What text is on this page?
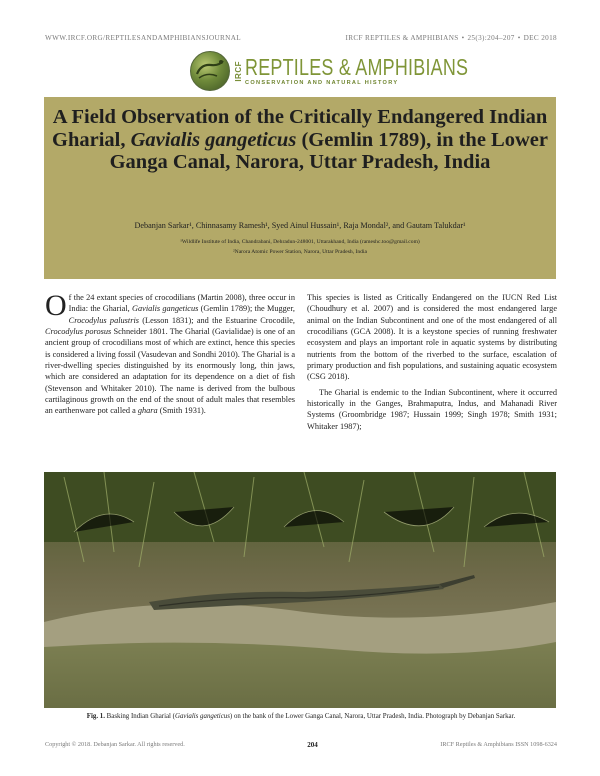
WWW.IRCF.ORG/REPTILESANDAMPHIBIANSJOURNAL	IRCF REPTILES & AMPHIBIANS • 25(3):204–207 • DEC 2018
IRCF REPTILES & AMPHIBIANS
CONSERVATION AND NATURAL HISTORY
A Field Observation of the Critically Endangered Indian Gharial, Gavialis gangeticus (Gemlin 1789), in the Lower Ganga Canal, Narora, Uttar Pradesh, India
Debanjan Sarkar¹, Chinnasamy Ramesh¹, Syed Ainul Hussain¹, Raja Mondal², and Gautam Talukdar¹
¹Wildlife Institute of India, Chandrabani, Dehradun-248001, Uttarakhand, India (rameshc.too@gmail.com)
²Narora Atomic Power Station, Narora, Uttar Pradesh, India

Of the 24 extant species of crocodilians (Martin 2008), three occur in India: the Gharial, Gavialis gangeticus (Gemlin 1789); the Mugger, Crocodylus palustris (Lesson 1831); and the Estuarine Crocodile, Crocodylus porosus Schneider 1801. The Gharial (Gavialidae) is one of an ancient group of crocodilians most of which are extinct, hence this species is considered a living fossil (Vasudevan and Sondhi 2010). The Gharial is a river-dwelling species distinguished by its enormously long, thin jaws, which are considered an adaptation for its dependence on a diet of fish (Stevenson and Whitaker 2010). The name is derived from the bulbous cartilaginous growth on the end of the snout of adult males that resembles an earthenware pot called a ghara (Smith 1931).

This species is listed as Critically Endangered on the IUCN Red List (Choudhury et al. 2007) and is considered the most endangered large animal on the Indian Subcontinent and one of the most endangered of all crocodilians (GCA 2008). It is a keystone species of running freshwater ecosystem and plays an important role in aquatic systems by distributing nutrients from the bottom of the riverbed to the surface, escalation of primary production and fish populations, and sustaining aquatic ecosystem (CSG 2018).

The Gharial is endemic to the Indian Subcontinent, where it occurred historically in the Ganges, Brahmaputra, Indus, and Mahanadi River Systems (Groombridge 1987; Hussain 1999; Singh 1978; Smith 1931; Whitaker 1987);

Fig. 1. Basking Indian Gharial (Gavialis gangeticus) on the bank of the Lower Ganga Canal, Narora, Uttar Pradesh, India. Photograph by Debanjan Sarkar.
Copyright © 2018. Debanjan Sarkar. All rights reserved.	204	IRCF Reptiles & Amphibians ISSN 1098-6324
